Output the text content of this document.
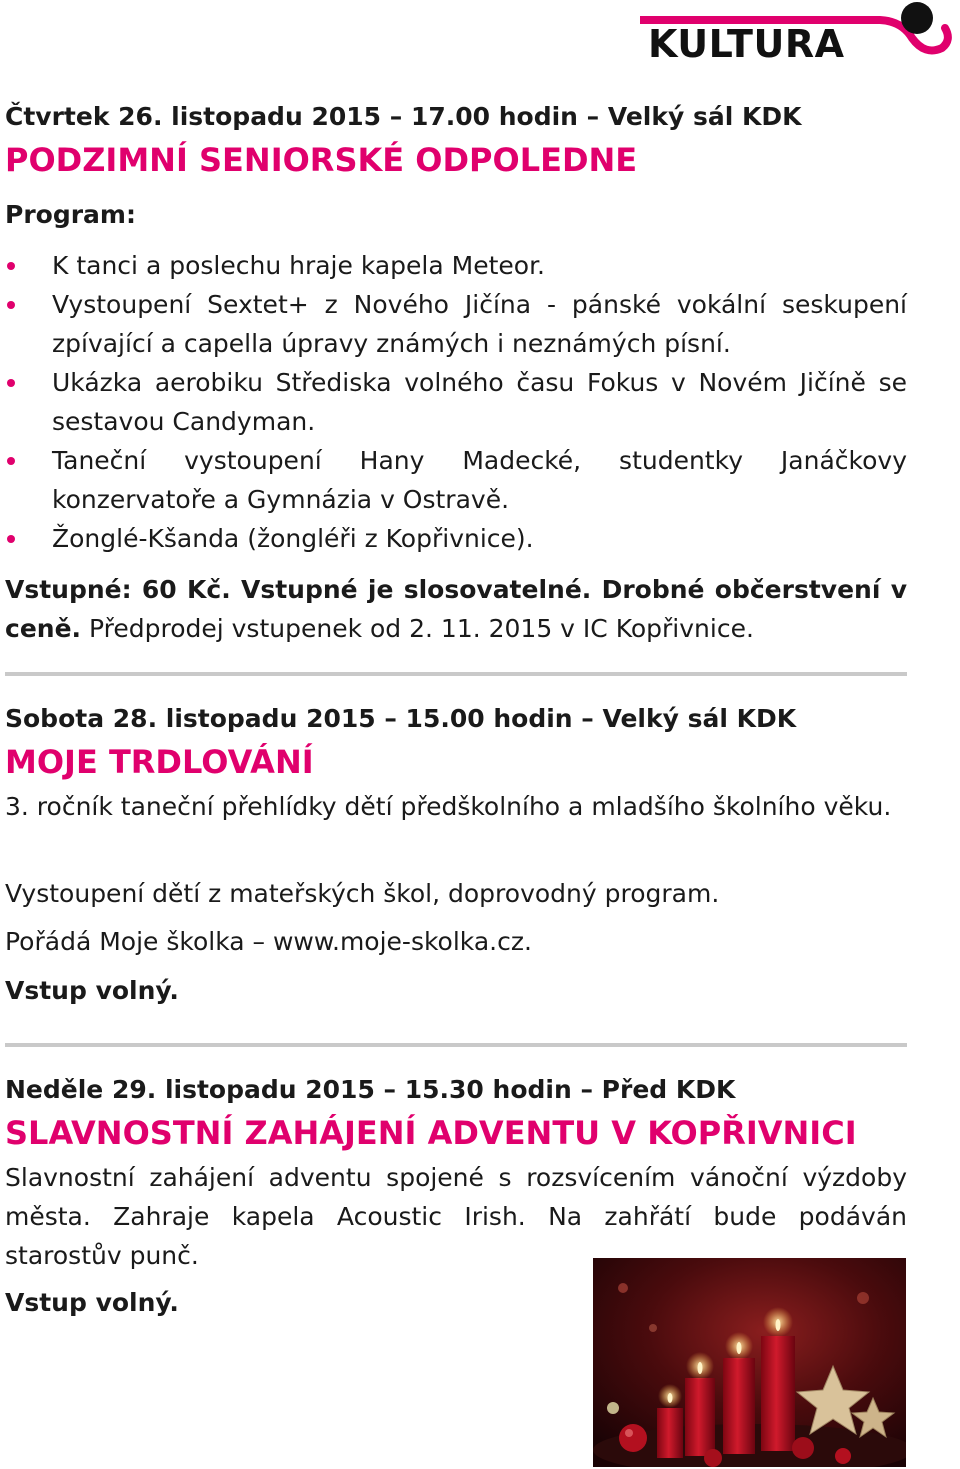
KULTURA
Čtvrtek 26. listopadu 2015 – 17.00 hodin – Velký sál KDK
PODZIMNÍ SENIORSKÉ ODPOLEDNE
Program:
K tanci a poslechu hraje kapela Meteor.
Vystoupení Sextet+ z Nového Jičína - pánské vokální seskupení zpívající a capella úpravy známých i neznámých písní.
Ukázka aerobiku Střediska volného času Fokus v Novém Jičíně se sestavou Candyman.
Taneční vystoupení Hany Madecké, studentky Janáčkovy konzervatoře a Gymnázia v Ostravě.
Žonglé-Kšanda (žongléři z Kopřivnice).
Vstupné: 60 Kč. Vstupné je slosovatelné. Drobné občerstvení v ceně. Předprodej vstupenek od 2. 11. 2015 v IC Kopřivnice.
Sobota 28. listopadu 2015 – 15.00 hodin – Velký sál KDK
MOJE TRDLOVÁNÍ
3. ročník taneční přehlídky dětí předškolního a mladšího školního věku.
Vystoupení dětí z mateřských škol, doprovodný program.
Pořádá Moje školka – www.moje-skolka.cz.
Vstup volný.
Neděle 29. listopadu 2015 – 15.30 hodin – Před KDK
SLAVNOSTNÍ ZAHÁJENÍ ADVENTU V KOPŘIVNICI
Slavnostní zahájení adventu spojené s rozsvícením vánoční výzdoby města. Zahraje kapela Acoustic Irish. Na zahřátí bude podáván starostův punč.
Vstup volný.
